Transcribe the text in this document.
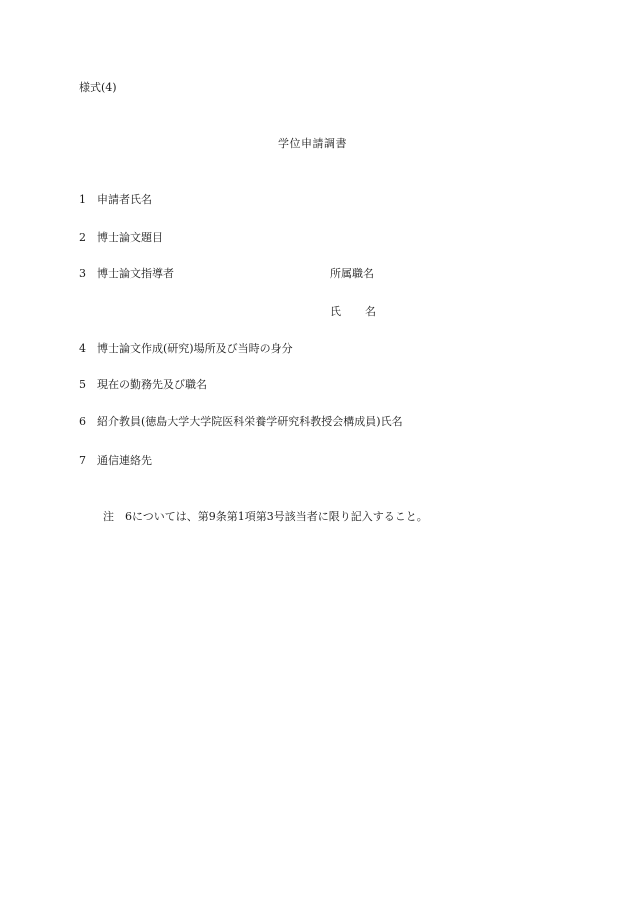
様式(4)
学位申請調書
1 申請者氏名
2 博士論文題目
3 博士論文指導者	所属職名
氏 名
4 博士論文作成(研究)場所及び当時の身分
5 現在の勤務先及び職名
6 紹介教員(徳島大学大学院医科栄養学研究科教授会構成員)氏名
7 通信連絡先
注 6については、第9条第1項第3号該当者に限り記入すること。
